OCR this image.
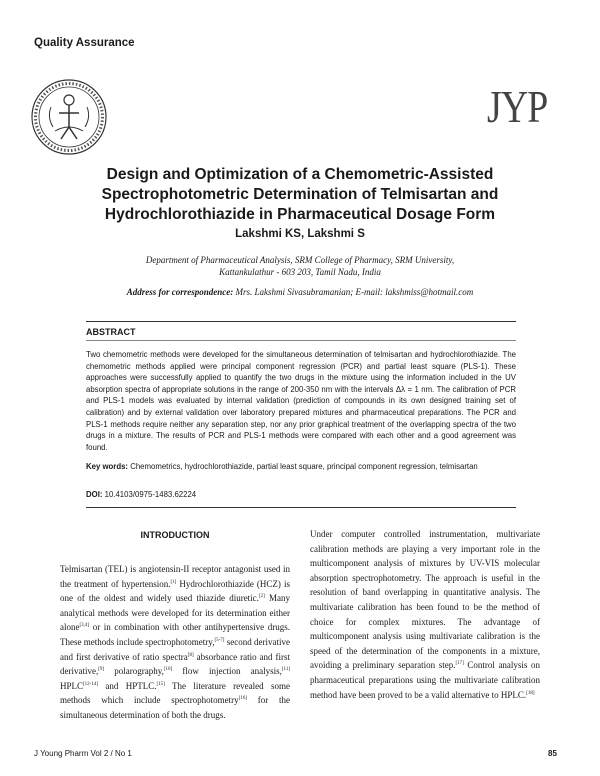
Quality Assurance
JYP
Design and Optimization of a Chemometric-Assisted Spectrophotometric Determination of Telmisartan and Hydrochlorothiazide in Pharmaceutical Dosage Form
Lakshmi KS, Lakshmi S
Department of Pharmaceutical Analysis, SRM College of Pharmacy, SRM University,
Kattankulathur - 603 203, Tamil Nadu, India
Address for correspondence: Mrs. Lakshmi Sivasubramanian; E-mail: lakshmiss@hotmail.com
ABSTRACT

Two chemometric methods were developed for the simultaneous determination of telmisartan and hydrochlorothiazide. The chemometric methods applied were principal component regression (PCR) and partial least square (PLS-1). These approaches were successfully applied to quantify the two drugs in the mixture using the information included in the UV absorption spectra of appropriate solutions in the range of 200-350 nm with the intervals Δλ = 1 nm. The calibration of PCR and PLS-1 models was evaluated by internal validation (prediction of compounds in its own designed training set of calibration) and by external validation over laboratory prepared mixtures and pharmaceutical preparations. The PCR and PLS-1 methods require neither any separation step, nor any prior graphical treatment of the overlapping spectra of the two drugs in a mixture. The results of PCR and PLS-1 methods were compared with each other and a good agreement was found.

Key words: Chemometrics, hydrochlorothiazide, partial least square, principal component regression, telmisartan

DOI: 10.4103/0975-1483.62224
INTRODUCTION

Telmisartan (TEL) is angiotensin-II receptor antagonist used in the treatment of hypertension.[1] Hydrochlorothiazide (HCZ) is one of the oldest and widely used thiazide diuretic.[2] Many analytical methods were developed for its determination either alone[3,4] or in combination with other antihypertensive drugs. These methods include spectrophotometry,[5-7] second derivative and first derivative of ratio spectra[8] absorbance ratio and first derivative,[9] polarography,[10] flow injection analysis,[11] HPLC[12-14] and HPTLC.[15] The literature revealed some methods which include spectrophotometry[16] for the simultaneous determination of both the drugs.

Under computer controlled instrumentation, multivariate calibration methods are playing a very important role in the multicomponent analysis of mixtures by UV-VIS molecular absorption spectrophotometry. The approach is useful in the resolution of band overlapping in quantitative analysis. The multivariate calibration has been found to be the method of choice for complex mixtures. The advantage of multicomponent analysis using multivariate calibration is the speed of the determination of the components in a mixture, avoiding a preliminary separation step.[17] Control analysis on pharmaceutical preparations using the multivariate calibration method have been proved to be a valid alternative to HPLC.[18]

J Young Pharm Vol 2 / No 1	85
